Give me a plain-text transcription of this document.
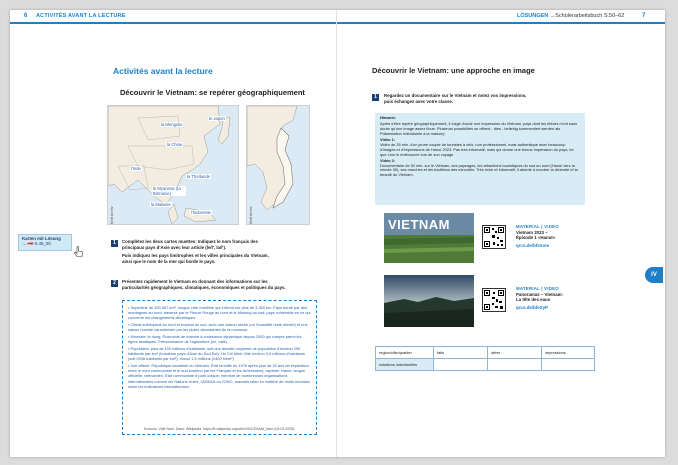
6 ACTIVITÉS AVANT LA LECTURE
Activités avant la lecture
Découvrir le Vietnam: se repérer géographiquement
la Mongolie
le Japon
la Chine
l'Inde
la Thaïlande
le Myanmar (la Birmanie)
la Malaisie
l'Indonésie
Klett Archiv	Klett Archiv
1	Complétez les deux cartes muettes: Indiquez le nom français des
principaux pays d'Asie avec leur article (le/l', la/l').
Puis indiquez les pays limitrophes et les villes principales du Vietnam,
ainsi que le nom de la mer qui borde le pays.
2	Présentez rapidement le Vietnam en donnant des informations sur les
particularités géographiques, climatiques, économiques et politiques du pays.
• Superficie de 330.967 km², longue côte maritime qui s'étend sur plus de 3.260 km. Pays bordé par des montagnes au nord; traversé par le Fleuve Rouge au nord et le Mékong au sud; pays vulnérable en ce qui concerne les changements climatiques.
• Climat subtropical au nord et tropical au sud, avec une saison sèche (où l'humidité reste élevée) et une saison humide caractérisée par les pluies abondantes de la mousson.
• Monnaie: le dong; Économie de marché à croissance dynamique depuis 2000 qui compte parmi les tigres asiatiques. Prédominance de l'agriculture (riz, café).
• Population: plus de 100 millions d'habitants; suit une densité moyenne de population d'environ 290 habitants par km² (troisième pays d'Asie du Sud-Est); Ho Chi Minh-Ville environ 9,5 millions d'habitants (soit 2008 habitants par km²), Hanoï 1,5 millions (2400 h/km²)
• Vue officiel: République socialiste du Vietnam; État réunifié en 1976 après plus de 20 ans de séparation entre le nord communiste et le sud soutenu par les Français et les Américains); capitale: Hanoï; langue officielle: vietnamien; État communiste à parti unique; membre de nombreuses organisations internationales comme les Nations Unies, l'ASEAN ou l'OMC; mauvais bilan en matière de droits humains selon les indicateurs internationaux.
Sources: Vidé Nam. Dans: Wikipedia. https://fr.wikipedia.org/wiki/Vi%C3%AAt_Nam (04.03.2025).
LÖSUNGEN →Schülerarbeitsbuch S.50–62	7
Découvrir le Vietnam: une approche en image
1	Regardez un documentaire sur le Vietnam et notez vos impressions,
puis échangez avec votre classe.

Hinweis:

Après s'être repéré géographiquement, il s'agit d'avoir une impression du Vietnam, pays dont les élèves n'ont sans doute qu'une image assez floue. Plusieurs possibilités se offrent - dies - beliebig kommentiert werden als Präsentation individuelle à la maison):

Vidéo 1:

Vidéo de 25 min. d'un jeune couple de touristes à vélo, non professionnel, mais authentique avec beaucoup d'images et d'impressions de Hanoï 2023. Pas très informatif, mais qui donne une bonne impression du pays, tel que Linn le redécouvre lors de son voyage.

Vidéo 2:

Documentaire de 52 min. sur le Vietnam, ses paysages, les attractions touristiques du sud au nord (Hanoï vers la minute 39), ses marchés et les traditions des minorités. Très riche et informatif, il aborde à montrer la diversité et la beauté du Vietnam.

VIETNAM	MATERIAL | VIDEO
Vietnam 2023 –
Épisode 1 «Hanoï»
qrco.de/bfeXom
MATERIAL | VIDEO
Panoramas – Vietnam:
La tête des eaux
qrco.de/bfeXyP
région/ville/quartier	faits	idées	impressions
notations individuelles			
Karten mit Lösung
→ AB S.49_50
IV
